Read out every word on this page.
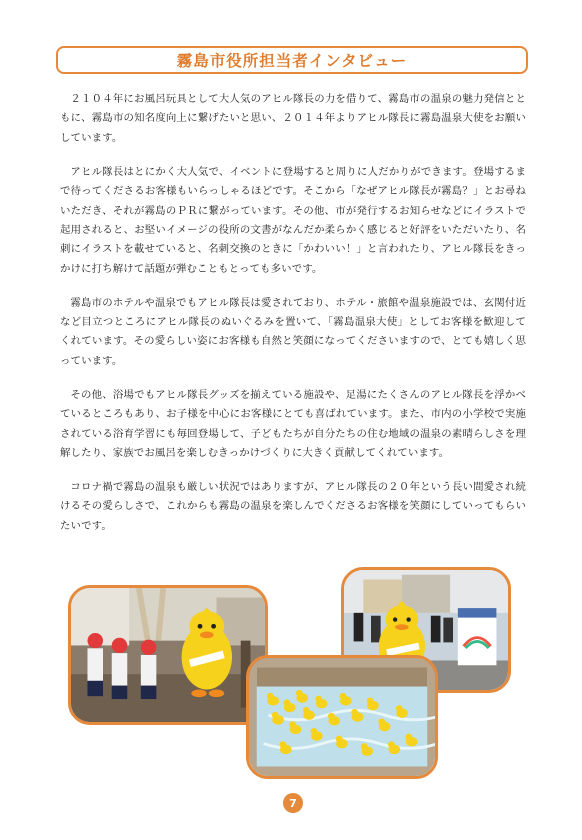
霧島市役所担当者インタビュー

２１０４年にお風呂玩具として大人気のアヒル隊長の力を借りて、霧島市の温泉の魅力発信とともに、霧島市の知名度向上に繋げたいと思い、２０１４年よりアヒル隊長に霧島温泉大使をお願いしています。

アヒル隊長はとにかく大人気で、イベントに登場すると周りに人だかりができます。登場するまで待ってくださるお客様もいらっしゃるほどです。そこから「なぜアヒル隊長が霧島？」とお尋ねいただき、それが霧島のＰＲに繋がっています。その他、市が発行するお知らせなどにイラストで起用されると、お堅いイメージの役所の文書がなんだか柔らかく感じると好評をいただいたり、名刺にイラストを載せていると、名刺交換のときに「かわいい！」と言われたり、アヒル隊長をきっかけに打ち解けて話題が弾むこともとっても多いです。

霧島市のホテルや温泉でもアヒル隊長は愛されており、ホテル・旅館や温泉施設では、玄関付近など目立つところにアヒル隊長のぬいぐるみを置いて、「霧島温泉大使」としてお客様を歓迎してくれています。その愛らしい姿にお客様も自然と笑顔になってくださいますので、とても嬉しく思っています。

その他、浴場でもアヒル隊長グッズを揃えている施設や、足湯にたくさんのアヒル隊長を浮かべているところもあり、お子様を中心にお客様にとても喜ばれています。また、市内の小学校で実施されている浴育学習にも毎回登場して、子どもたちが自分たちの住む地域の温泉の素晴らしさを理解したり、家族でお風呂を楽しむきっかけづくりに大きく貢献してくれています。

コロナ禍で霧島の温泉も厳しい状況ではありますが、アヒル隊長の２０年という長い間愛され続けるその愛らしさで、これからも霧島の温泉を楽しんでくださるお客様を笑顔にしていってもらいたいです。

7
